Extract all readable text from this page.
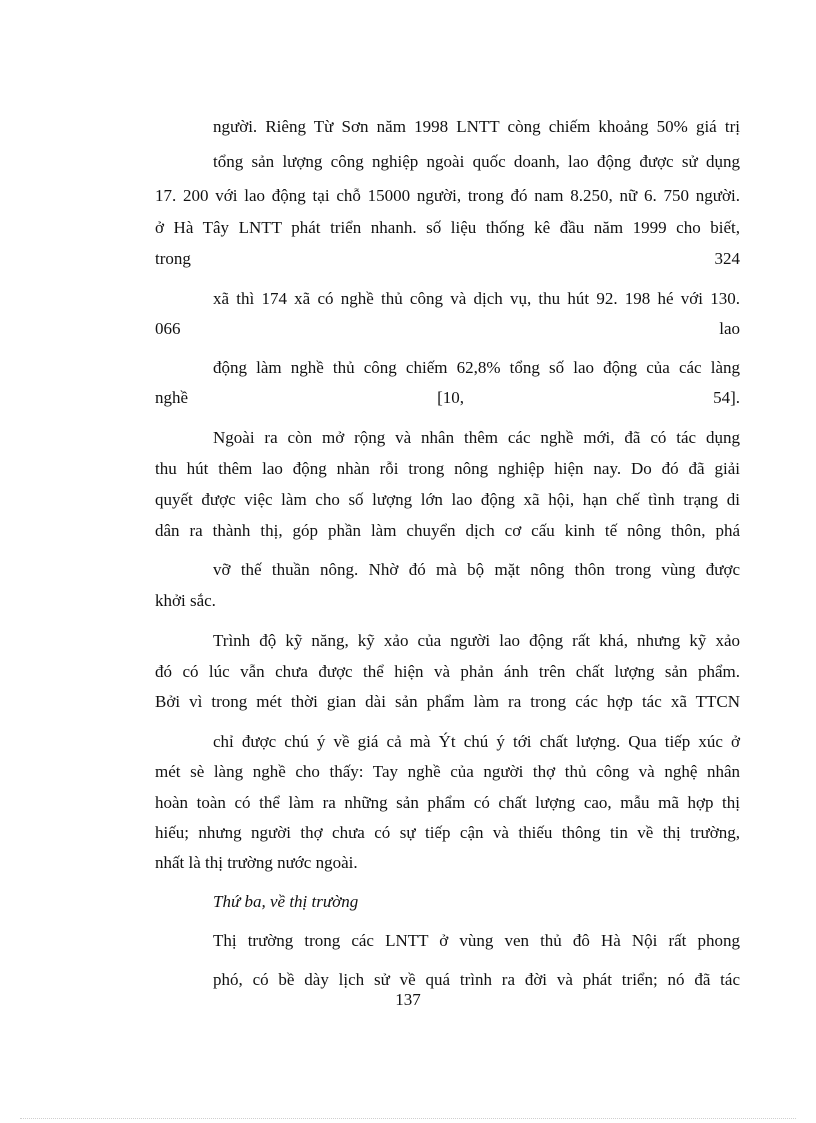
người. Riêng Từ Sơn năm 1998 LNTT còng chiếm khoảng 50% giá trị
tổng sản lượng công nghiệp ngoài quốc doanh, lao động được sử dụng
17. 200 với lao động tại chỗ 15000 người, trong đó nam 8.250, nữ 6. 750 người.
ở Hà Tây LNTT phát triển nhanh. số liệu thống kê đầu năm 1999 cho biết,
trong	324
xã thì 174 xã có nghề thủ công và dịch vụ, thu hút 92. 198 hé với 130.
066	lao
động làm nghề thủ công chiếm 62,8% tổng số lao động của các làng
nghề	[10,	54].
Ngoài ra còn mở rộng và nhân thêm các nghề mới, đã có tác dụng
thu hút thêm lao động nhàn rỗi trong nông nghiệp hiện nay. Do đó đã giải
quyết được việc làm cho số lượng lớn lao động xã hội, hạn chế tình trạng di
dân ra thành thị, góp phần làm chuyển dịch cơ cấu kinh tế nông thôn, phá
vỡ thế thuần nông. Nhờ đó mà bộ mặt nông thôn trong vùng được
khởi sắc.
Trình độ kỹ năng, kỹ xảo của người lao động rất khá, nhưng kỹ xảo
đó có lúc vẫn chưa được thể hiện và phản ánh trên chất lượng sản phẩm.
Bởi vì trong mét thời gian dài sản phẩm làm ra trong các hợp tác xã TTCN
chỉ được chú ý về giá cả mà Ýt chú ý tới chất lượng. Qua tiếp xúc ở
mét sè làng nghề cho thấy: Tay nghề của người thợ thủ công và nghệ nhân
hoàn toàn có thể làm ra những sản phẩm có chất lượng cao, mẫu mã hợp thị
hiếu; nhưng người thợ chưa có sự tiếp cận và thiếu thông tin về thị trường,
nhất là thị trường nước ngoài.
Thứ ba, về thị trường
Thị trường trong các LNTT ở vùng ven thủ đô Hà Nội rất phong
phó, có bề dày lịch sử về quá trình ra đời và phát triển; nó đã tác
137
